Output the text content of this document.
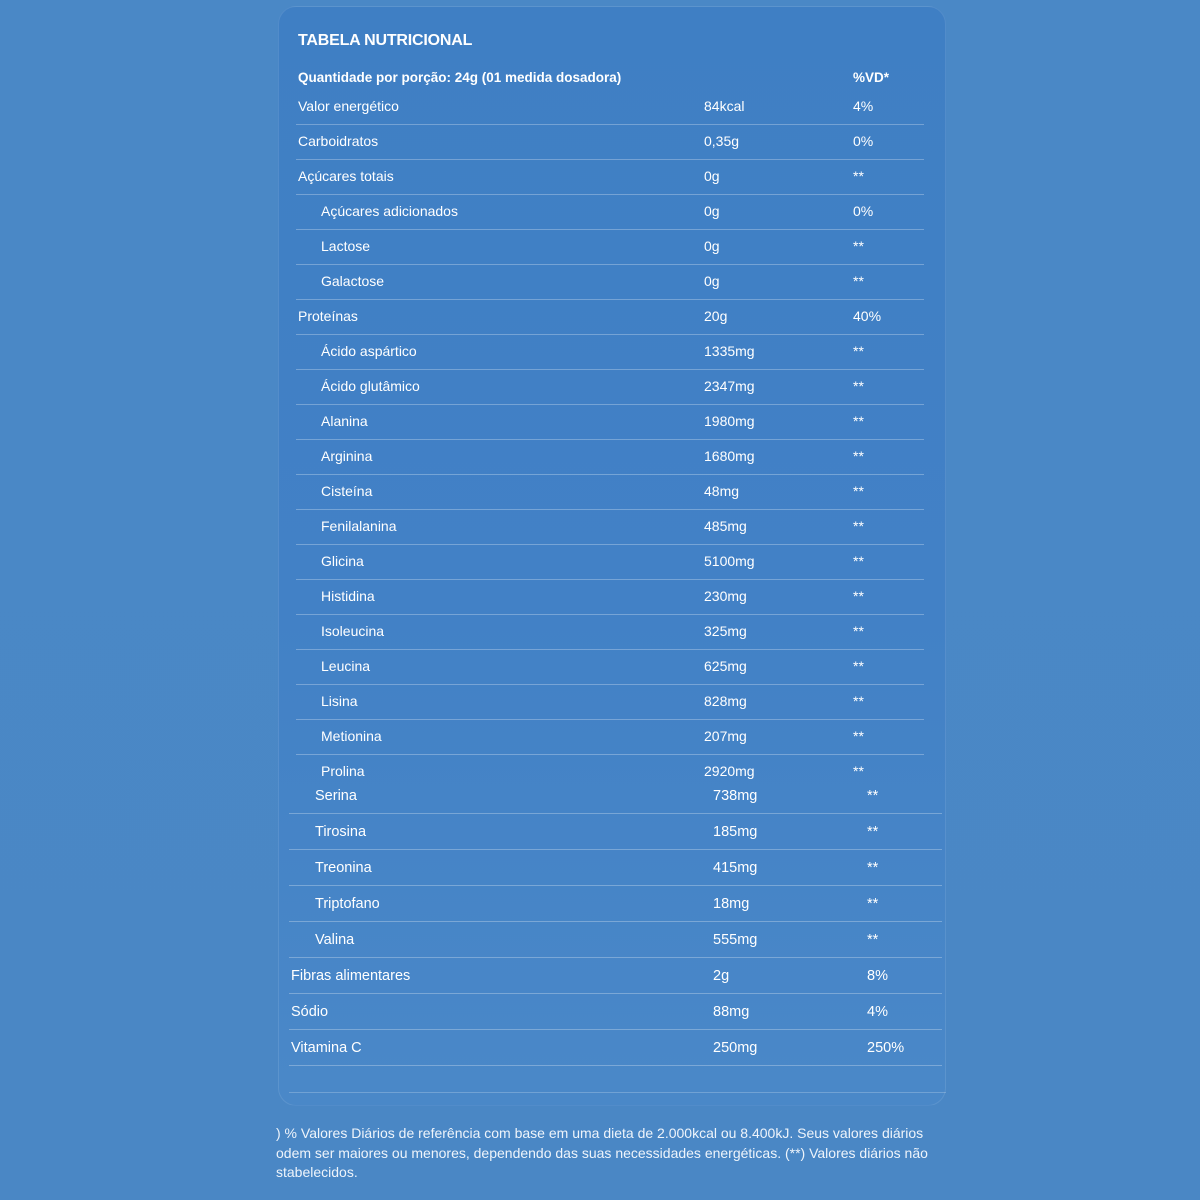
TABELA NUTRICIONAL
Quantidade por porção: 24g (01 medida dosadora)	%VD*
Valor energético	84kcal	4%
Carboidratos	0,35g	0%
Açúcares totais	0g	**
Açúcares adicionados	0g	0%
Lactose	0g	**
Galactose	0g	**
Proteínas	20g	40%
Ácido aspártico	1335mg	**
Ácido glutâmico	2347mg	**
Alanina	1980mg	**
Arginina	1680mg	**
Cisteína	48mg	**
Fenilalanina	485mg	**
Glicina	5100mg	**
Histidina	230mg	**
Isoleucina	325mg	**
Leucina	625mg	**
Lisina	828mg	**
Metionina	207mg	**
Prolina	2920mg	**
Serina	738mg	**
Tirosina	185mg	**
Treonina	415mg	**
Triptofano	18mg	**
Valina	555mg	**
Fibras alimentares	2g	8%
Sódio	88mg	4%
Vitamina C	250mg	250%
) % Valores Diários de referência com base em uma dieta de 2.000kcal ou 8.400kJ. Seus valores diários
odem ser maiores ou menores, dependendo das suas necessidades energéticas. (**) Valores diários não
stabelecidos.
